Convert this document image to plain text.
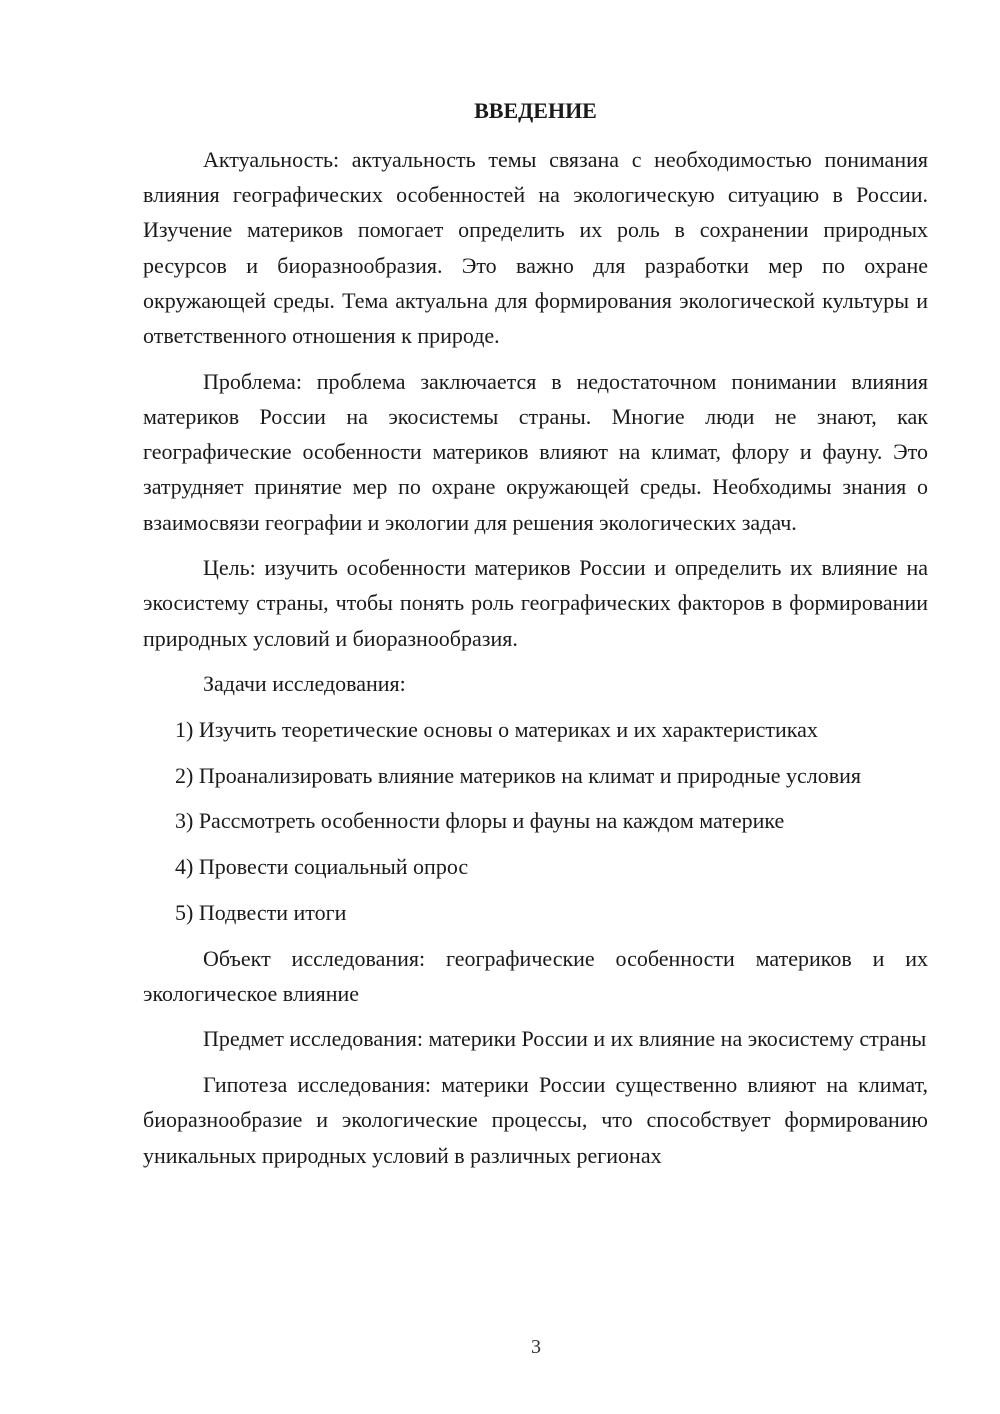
ВВЕДЕНИЕ

Актуальность: актуальность темы связана с необходимостью понимания влияния географических особенностей на экологическую ситуацию в России. Изучение материков помогает определить их роль в сохранении природных ресурсов и биоразнообразия. Это важно для разработки мер по охране окружающей среды. Тема актуальна для формирования экологической культуры и ответственного отношения к природе.

Проблема: проблема заключается в недостаточном понимании влияния материков России на экосистемы страны. Многие люди не знают, как географические особенности материков влияют на климат, флору и фауну. Это затрудняет принятие мер по охране окружающей среды. Необходимы знания о взаимосвязи географии и экологии для решения экологических задач.

Цель: изучить особенности материков России и определить их влияние на экосистему страны, чтобы понять роль географических факторов в формировании природных условий и биоразнообразия.

Задачи исследования:

1) Изучить теоретические основы о материках и их характеристиках

2) Проанализировать влияние материков на климат и природные условия

3) Рассмотреть особенности флоры и фауны на каждом материке

4) Провести социальный опрос

5) Подвести итоги

Объект исследования: географические особенности материков и их экологическое влияние

Предмет исследования: материки России и их влияние на экосистему страны

Гипотеза исследования: материки России существенно влияют на климат, биоразнообразие и экологические процессы, что способствует формированию уникальных природных условий в различных регионах

3
